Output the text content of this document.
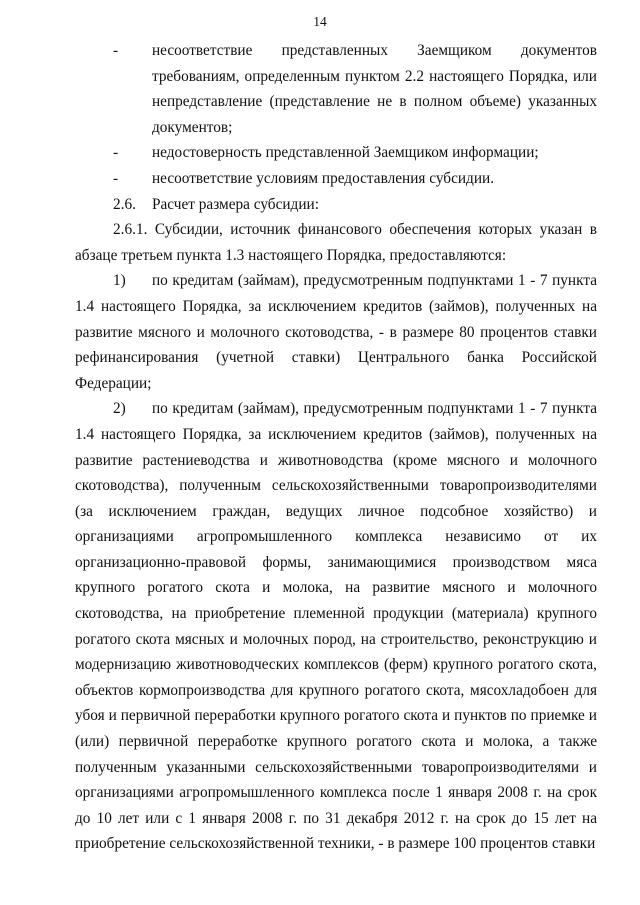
14

- несоответствие представленных Заемщиком документов требованиям, определенным пунктом 2.2 настоящего Порядка, или непредставление (представление не в полном объеме) указанных документов;

- недостоверность представленной Заемщиком информации;

- несоответствие условиям предоставления субсидии.

2.6. Расчет размера субсидии:

2.6.1. Субсидии, источник финансового обеспечения которых указан в абзаце третьем пункта 1.3 настоящего Порядка, предоставляются:

1) по кредитам (займам), предусмотренным подпунктами 1 - 7 пункта 1.4 настоящего Порядка, за исключением кредитов (займов), полученных на развитие мясного и молочного скотоводства, - в размере 80 процентов ставки рефинансирования (учетной ставки) Центрального банка Российской Федерации;

2) по кредитам (займам), предусмотренным подпунктами 1 - 7 пункта 1.4 настоящего Порядка, за исключением кредитов (займов), полученных на развитие растениеводства и животноводства (кроме мясного и молочного скотоводства), полученным сельскохозяйственными товаропроизводителями (за исключением граждан, ведущих личное подсобное хозяйство) и организациями агропромышленного комплекса независимо от их организационно-правовой формы, занимающимися производством мяса крупного рогатого скота и молока, на развитие мясного и молочного скотоводства, на приобретение племенной продукции (материала) крупного рогатого скота мясных и молочных пород, на строительство, реконструкцию и модернизацию животноводческих комплексов (ферм) крупного рогатого скота, объектов кормопроизводства для крупного рогатого скота, мясохладобоен для убоя и первичной переработки крупного рогатого скота и пунктов по приемке и (или) первичной переработке крупного рогатого скота и молока, а также полученным указанными сельскохозяйственными товаропроизводителями и организациями агропромышленного комплекса после 1 января 2008 г. на срок до 10 лет или с 1 января 2008 г. по 31 декабря 2012 г. на срок до 15 лет на приобретение сельскохозяйственной техники, - в размере 100 процентов ставки
